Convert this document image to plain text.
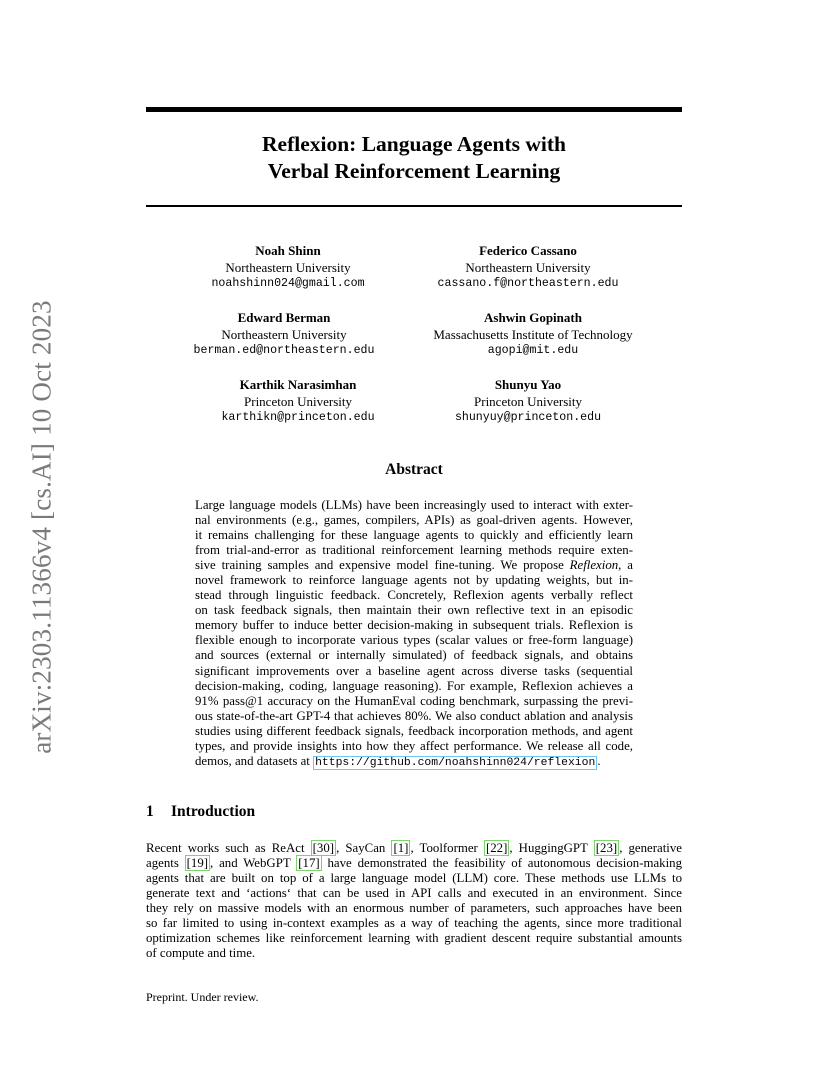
arXiv:2303.11366v4 [cs.AI] 10 Oct 2023
Reflexion: Language Agents with
Verbal Reinforcement Learning
Noah Shinn
Northeastern University
noahshinn024@gmail.com
Federico Cassano
Northeastern University
cassano.f@northeastern.edu
Edward Berman
Northeastern University
berman.ed@northeastern.edu
Ashwin Gopinath
Massachusetts Institute of Technology
agopi@mit.edu
Karthik Narasimhan
Princeton University
karthikn@princeton.edu
Shunyu Yao
Princeton University
shunyuy@princeton.edu
Abstract
Large language models (LLMs) have been increasingly used to interact with exter-
nal environments (e.g., games, compilers, APIs) as goal-driven agents. However,
it remains challenging for these language agents to quickly and efficiently learn
from trial-and-error as traditional reinforcement learning methods require exten-
sive training samples and expensive model fine-tuning. We propose Reflexion, a
novel framework to reinforce language agents not by updating weights, but in-
stead through linguistic feedback. Concretely, Reflexion agents verbally reflect
on task feedback signals, then maintain their own reflective text in an episodic
memory buffer to induce better decision-making in subsequent trials. Reflexion is
flexible enough to incorporate various types (scalar values or free-form language)
and sources (external or internally simulated) of feedback signals, and obtains
significant improvements over a baseline agent across diverse tasks (sequential
decision-making, coding, language reasoning). For example, Reflexion achieves a
91% pass@1 accuracy on the HumanEval coding benchmark, surpassing the previ-
ous state-of-the-art GPT-4 that achieves 80%. We also conduct ablation and analysis
studies using different feedback signals, feedback incorporation methods, and agent
types, and provide insights into how they affect performance. We release all code,
demos, and datasets at https://github.com/noahshinn024/reflexion .
1 Introduction
Recent works such as ReAct [30] , SayCan [1] , Toolformer [22] , HuggingGPT [23] , generative
agents [19] , and WebGPT [17] have demonstrated the feasibility of autonomous decision-making
agents that are built on top of a large language model (LLM) core. These methods use LLMs to
generate text and ‘actions‘ that can be used in API calls and executed in an environment. Since
they rely on massive models with an enormous number of parameters, such approaches have been
so far limited to using in-context examples as a way of teaching the agents, since more traditional
optimization schemes like reinforcement learning with gradient descent require substantial amounts
of compute and time.
Preprint. Under review.
